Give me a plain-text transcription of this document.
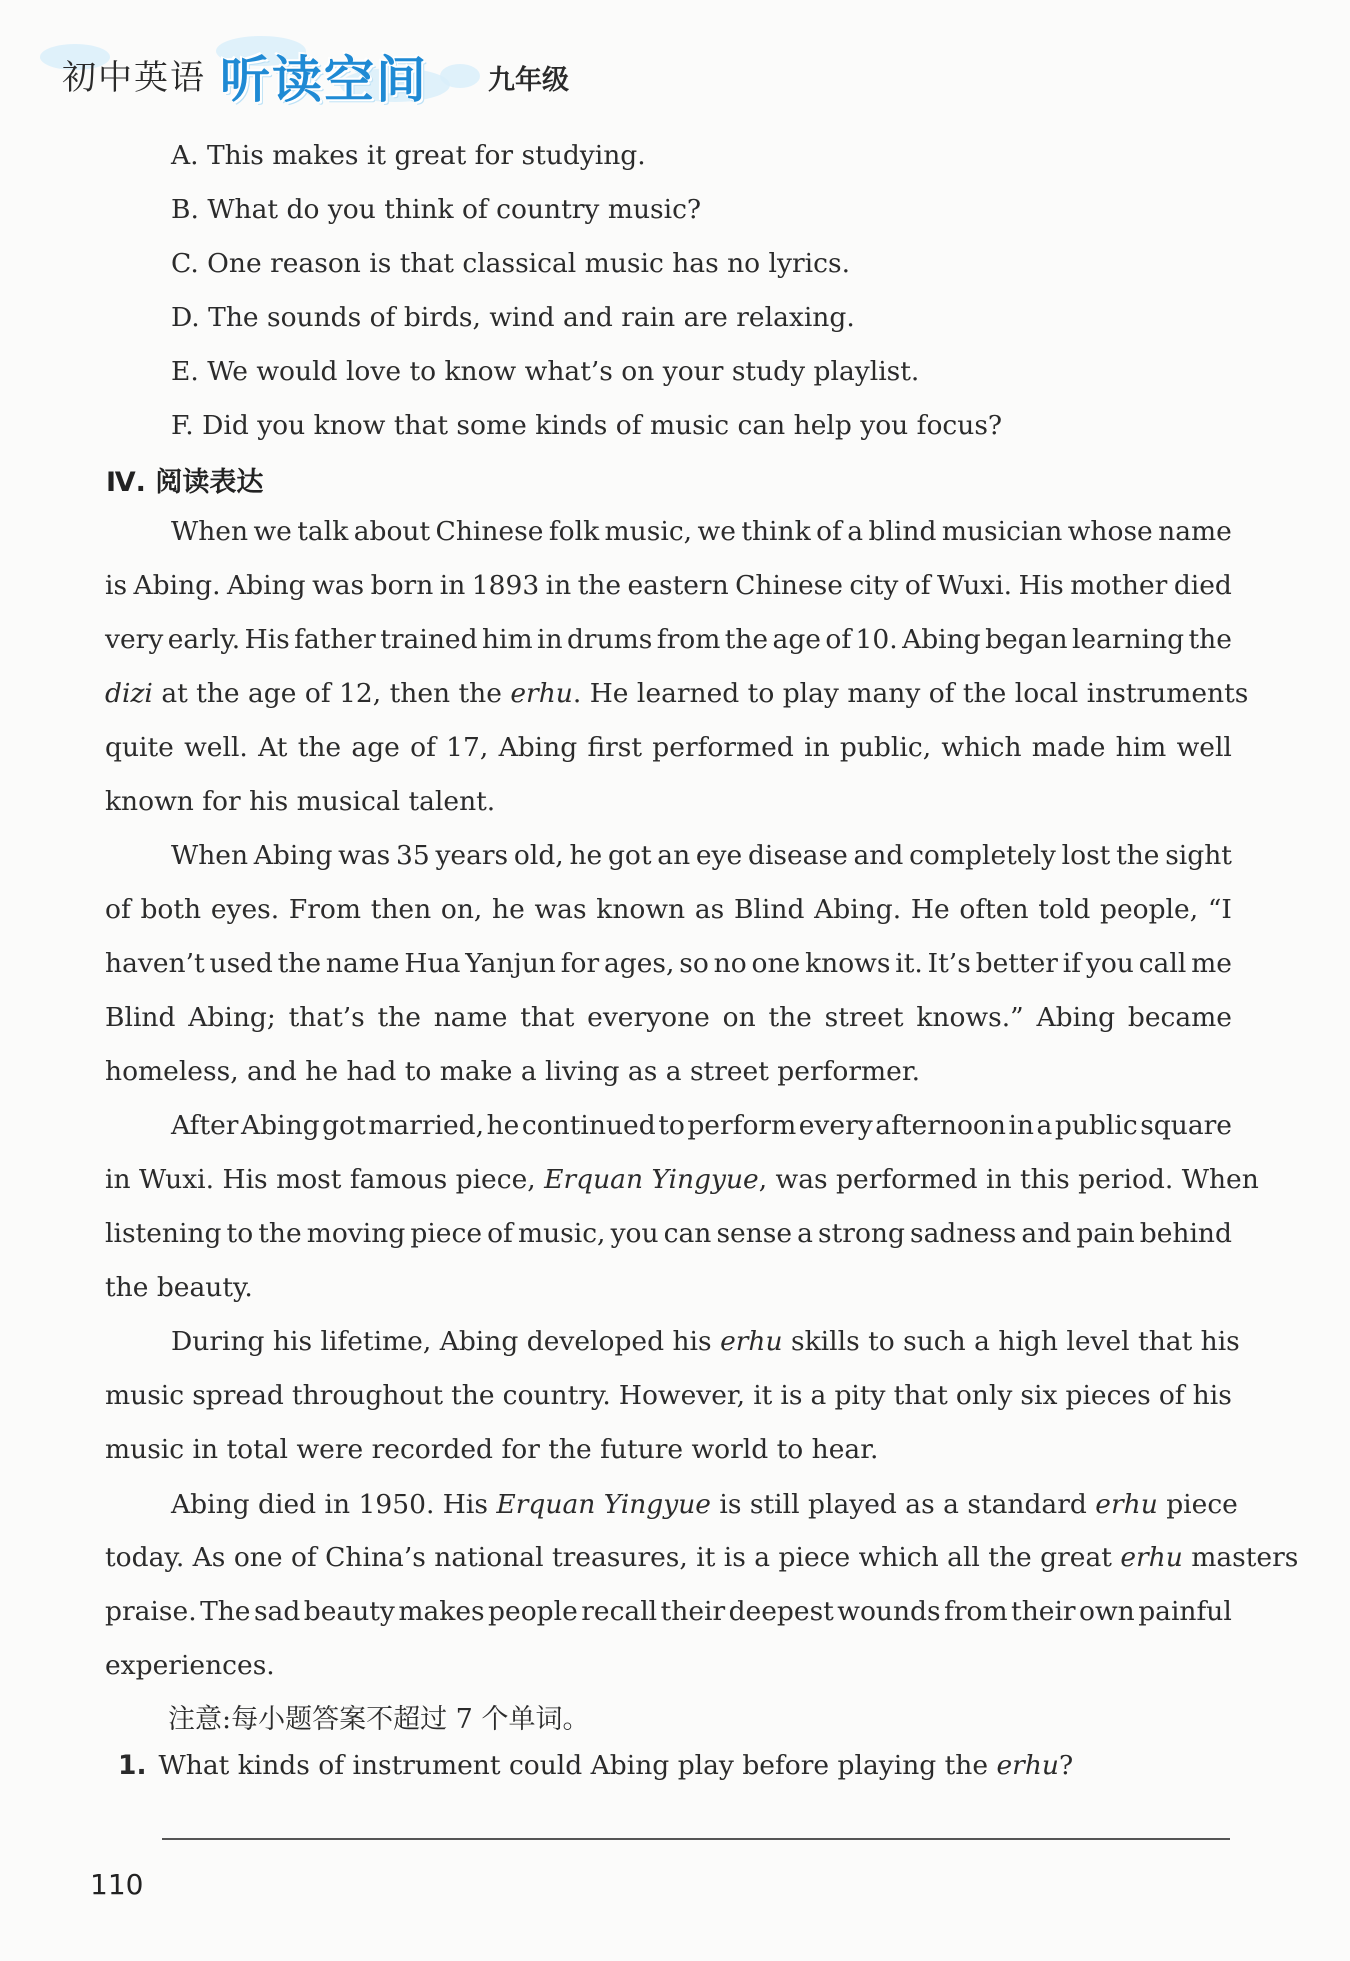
初中英语 听读空间 九年级
A. This makes it great for studying.
B. What do you think of country music?
C. One reason is that classical music has no lyrics.
D. The sounds of birds, wind and rain are relaxing.
E. We would love to know what’s on your study playlist.
F. Did you know that some kinds of music can help you focus?
Ⅳ. 阅读表达
When we talk about Chinese folk music, we think of a blind musician whose name
is Abing. Abing was born in 1893 in the eastern Chinese city of Wuxi. His mother died
very early. His father trained him in drums from the age of 10. Abing began learning the
dizi at the age of 12, then the erhu. He learned to play many of the local instruments
quite well. At the age of 17, Abing first performed in public, which made him well
known for his musical talent.
When Abing was 35 years old, he got an eye disease and completely lost the sight
of both eyes. From then on, he was known as Blind Abing. He often told people, “I
haven’t used the name Hua Yanjun for ages, so no one knows it. It’s better if you call me
Blind Abing; that’s the name that everyone on the street knows.” Abing became
homeless, and he had to make a living as a street performer.
After Abing got married, he continued to perform every afternoon in a public square
in Wuxi. His most famous piece, Erquan Yingyue, was performed in this period. When
listening to the moving piece of music, you can sense a strong sadness and pain behind
the beauty.
During his lifetime, Abing developed his erhu skills to such a high level that his
music spread throughout the country. However, it is a pity that only six pieces of his
music in total were recorded for the future world to hear.
Abing died in 1950. His Erquan Yingyue is still played as a standard erhu piece
today. As one of China’s national treasures, it is a piece which all the great erhu masters
praise. The sad beauty makes people recall their deepest wounds from their own painful
experiences.
注意:每小题答案不超过 7 个单词。
1. What kinds of instrument could Abing play before playing the erhu?
110
